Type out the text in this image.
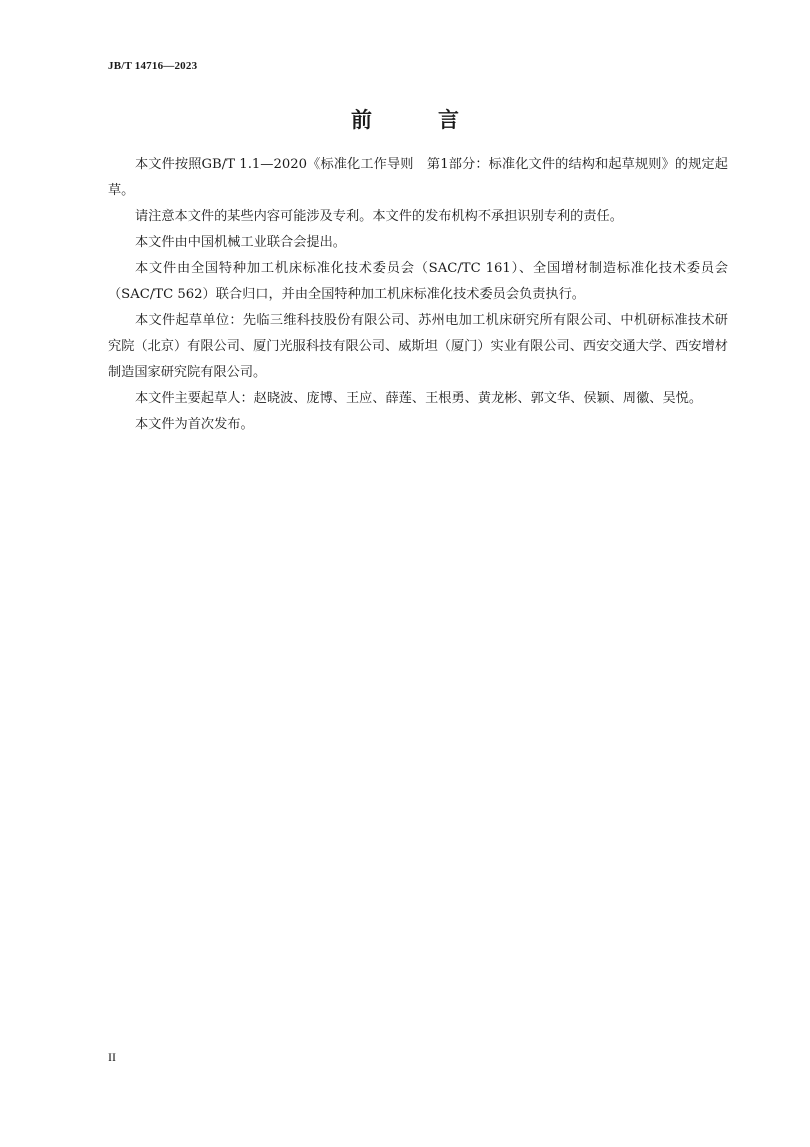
JB/T 14716—2023
前	言

本文件按照GB/T 1.1—2020《标准化工作导则　第1部分：标准化文件的结构和起草规则》的规定起草。

请注意本文件的某些内容可能涉及专利。本文件的发布机构不承担识别专利的责任。

本文件由中国机械工业联合会提出。

本文件由全国特种加工机床标准化技术委员会（SAC/TC 161）、全国增材制造标准化技术委员会（SAC/TC 562）联合归口，并由全国特种加工机床标准化技术委员会负责执行。

本文件起草单位：先临三维科技股份有限公司、苏州电加工机床研究所有限公司、中机研标准技术研究院（北京）有限公司、厦门光服科技有限公司、威斯坦（厦门）实业有限公司、西安交通大学、西安增材制造国家研究院有限公司。

本文件主要起草人：赵晓波、庞博、王应、薛莲、王根勇、黄龙彬、郭文华、侯颖、周徽、吴悦。

本文件为首次发布。

II
